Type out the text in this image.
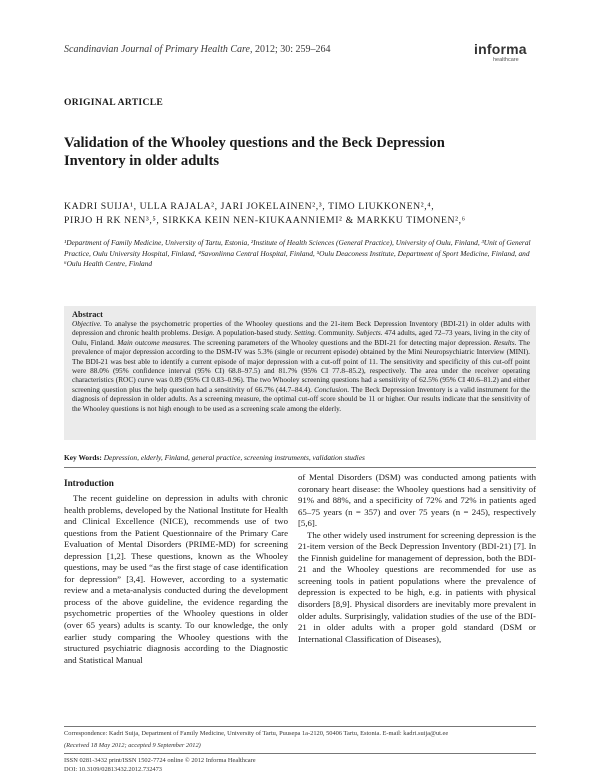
Scandinavian Journal of Primary Health Care, 2012; 30: 259–264	informa
healthcare
ORIGINAL ARTICLE
Validation of the Whooley questions and the Beck Depression Inventory in older adults
KADRI SUIJA¹, ULLA RAJALA², JARI JOKELAINEN²,³, TIMO LIUKKONEN²,⁴,
PIRJO H RK NEN³,⁵, SIRKKA KEIN NEN-KIUKAANNIEMI² & MARKKU TIMONEN²,⁶
¹Department of Family Medicine, University of Tartu, Estonia, ²Institute of Health Sciences (General Practice), University of Oulu, Finland, ³Unit of General Practice, Oulu University Hospital, Finland, ⁴Savonlinna Central Hospital, Finland, ⁵Oulu Deaconess Institute, Department of Sport Medicine, Finland, and ⁶Oulu Health Centre, Finland
Abstract
Objective. To analyse the psychometric properties of the Whooley questions and the 21-item Beck Depression Inventory (BDI-21) in older adults with depression and chronic health problems. Design. A population-based study. Setting. Community. Subjects. 474 adults, aged 72–73 years, living in the city of Oulu, Finland. Main outcome measures. The screening parameters of the Whooley questions and the BDI-21 for detecting major depression. Results. The prevalence of major depression according to the DSM-IV was 5.3% (single or recurrent episode) obtained by the Mini Neuropsychiatric Interview (MINI). The BDI-21 was best able to identify a current episode of major depression with a cut-off point of 11. The sensitivity and specificity of this cut-off point were 88.0% (95% confidence interval (95% CI) 68.8–97.5) and 81.7% (95% CI 77.8–85.2), respectively. The area under the receiver operating characteristics (ROC) curve was 0.89 (95% CI 0.83–0.96). The two Whooley screening questions had a sensitivity of 62.5% (95% CI 40.6–81.2) and either screening question plus the help question had a sensitivity of 66.7% (44.7–84.4). Conclusion. The Beck Depression Inventory is a valid instrument for the diagnosis of depression in older adults. As a screening measure, the optimal cut-off score should be 11 or higher. Our results indicate that the sensitivity of the Whooley questions is not high enough to be used as a screening scale among the elderly.
Key Words: Depression, elderly, Finland, general practice, screening instruments, validation studies
Introduction

The recent guideline on depression in adults with chronic health problems, developed by the National Institute for Health and Clinical Excellence (NICE), recommends use of two questions from the Patient Questionnaire of the Primary Care Evaluation of Mental Disorders (PRIME-MD) for screening depression [1,2]. These questions, known as the Whooley questions, may be used “as the first stage of case identification for depression” [3,4]. However, according to a systematic review and a meta-analysis conducted during the development process of the above guideline, the evidence regarding the psychometric properties of the Whooley questions in older (over 65 years) adults is scanty. To our knowledge, the only earlier study comparing the Whooley questions with the structured psychiatric diagnosis according to the Diagnostic and Statistical Manual

of Mental Disorders (DSM) was conducted among patients with coronary heart disease: the Whooley questions had a sensitivity of 91% and 88%, and a specificity of 72% and 72% in patients aged 65–75 years (n = 357) and over 75 years (n = 245), respectively [5,6].

The other widely used instrument for screening depression is the 21-item version of the Beck Depression Inventory (BDI-21) [7]. In the Finnish guideline for management of depression, both the BDI-21 and the Whooley questions are recommended for use as screening tools in patient populations where the prevalence of depression is expected to be high, e.g. in patients with physical disorders [8,9]. Physical disorders are inevitably more prevalent in older adults. Surprisingly, validation studies of the use of the BDI-21 in older adults with a proper gold standard (DSM or International Classification of Diseases),

Correspondence: Kadri Suija, Department of Family Medicine, University of Tartu, Puusepa 1a-2120, 50406 Tartu, Estonia. E-mail: kadri.suija@ut.ee
(Received 18 May 2012; accepted 9 September 2012)
ISSN 0281-3432 print/ISSN 1502-7724 online © 2012 Informa Healthcare
DOI: 10.3109/02813432.2012.732473
